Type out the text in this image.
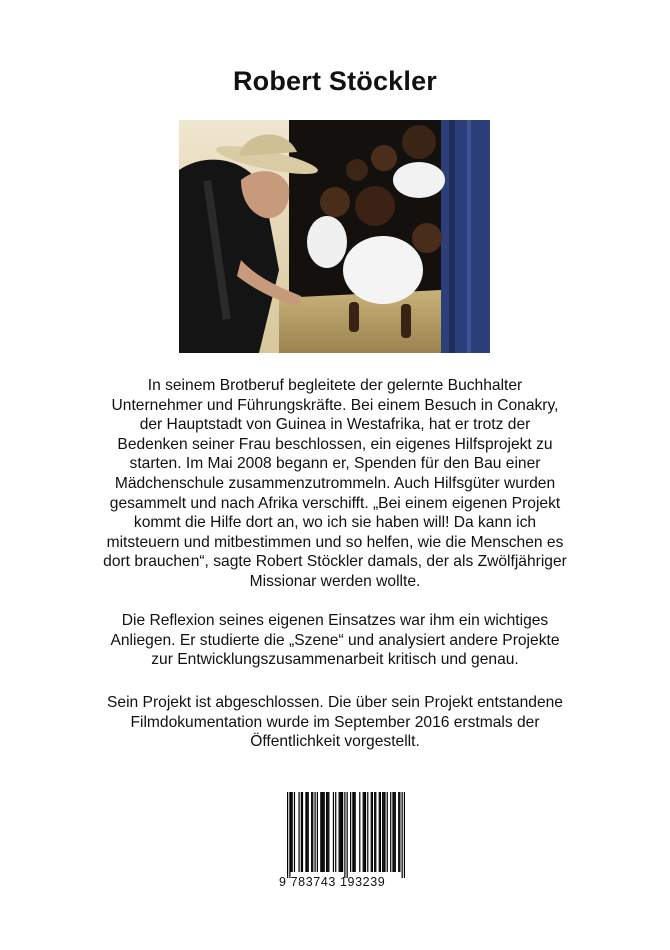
Robert Stöckler
In seinem Brotberuf begleitete der gelernte Buchhalter
Unternehmer und Führungskräfte. Bei einem Besuch in Conakry,
der Hauptstadt von Guinea in Westafrika, hat er trotz der
Bedenken seiner Frau beschlossen, ein eigenes Hilfsprojekt zu
starten. Im Mai 2008 begann er, Spenden für den Bau einer
Mädchenschule zusammenzutrommeln. Auch Hilfsgüter wurden
gesammelt und nach Afrika verschifft. „Bei einem eigenen Projekt
kommt die Hilfe dort an, wo ich sie haben will! Da kann ich
mitsteuern und mitbestimmen und so helfen, wie die Menschen es
dort brauchen“, sagte Robert Stöckler damals, der als Zwölfjähriger
Missionar werden wollte.
Die Reflexion seines eigenen Einsatzes war ihm ein wichtiges
Anliegen. Er studierte die „Szene“ und analysiert andere Projekte
zur Entwicklungszusammenarbeit kritisch und genau.
Sein Projekt ist abgeschlossen. Die über sein Projekt entstandene
Filmdokumentation wurde im September 2016 erstmals der
Öffentlichkeit vorgestellt.
9 783743 193239
